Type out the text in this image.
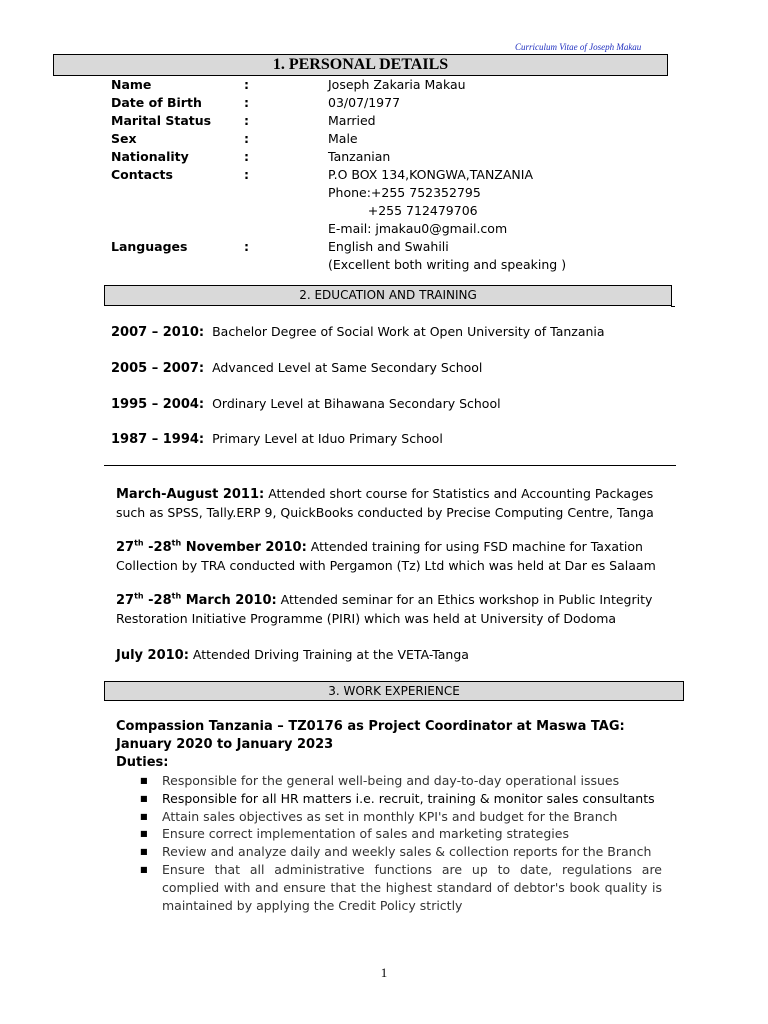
Curriculum Vitae of Joseph Makau
1. PERSONAL DETAILS
Name	:	Joseph Zakaria Makau
Date of Birth	:	03/07/1977
Marital Status	:	Married
Sex	:	Male
Nationality	:	Tanzanian
Contacts	:	P.O BOX 134,KONGWA,TANZANIA
Phone:+255 752352795
+255 712479706
E-mail: jmakau0@gmail.com
Languages	:	English and Swahili
(Excellent both writing and speaking )
2. EDUCATION AND TRAINING
2007 – 2010: Bachelor Degree of Social Work at Open University of Tanzania
2005 – 2007:  Advanced Level at Same Secondary School
1995 – 2004: Ordinary Level at Bihawana Secondary School
1987 – 1994: Primary Level at Iduo Primary School
March-August 2011: Attended short course for Statistics and Accounting Packages such as SPSS, Tally.ERP 9, QuickBooks conducted by Precise Computing Centre, Tanga
27th -28th November 2010: Attended training for using FSD machine for Taxation Collection by TRA conducted with Pergamon (Tz) Ltd which was held at Dar es Salaam
27th -28th March 2010: Attended seminar for an Ethics workshop in Public Integrity Restoration Initiative Programme (PIRI) which was held at University of Dodoma
July 2010: Attended Driving Training at the VETA-Tanga
3. WORK EXPERIENCE
Compassion Tanzania – TZ0176 as Project Coordinator at Maswa TAG: January 2020 to January 2023
Duties:
■ Responsible for the general well-being and day-to-day operational issues
■ Responsible for all HR matters i.e. recruit, training & monitor sales consultants
■ Attain sales objectives as set in monthly KPI's and budget for the Branch
■ Ensure correct implementation of sales and marketing strategies
■ Review and analyze daily and weekly sales & collection reports for the Branch
■ Ensure that all administrative functions are up to date, regulations are complied with and ensure that the highest standard of debtor's book quality is maintained by applying the Credit Policy strictly
1
